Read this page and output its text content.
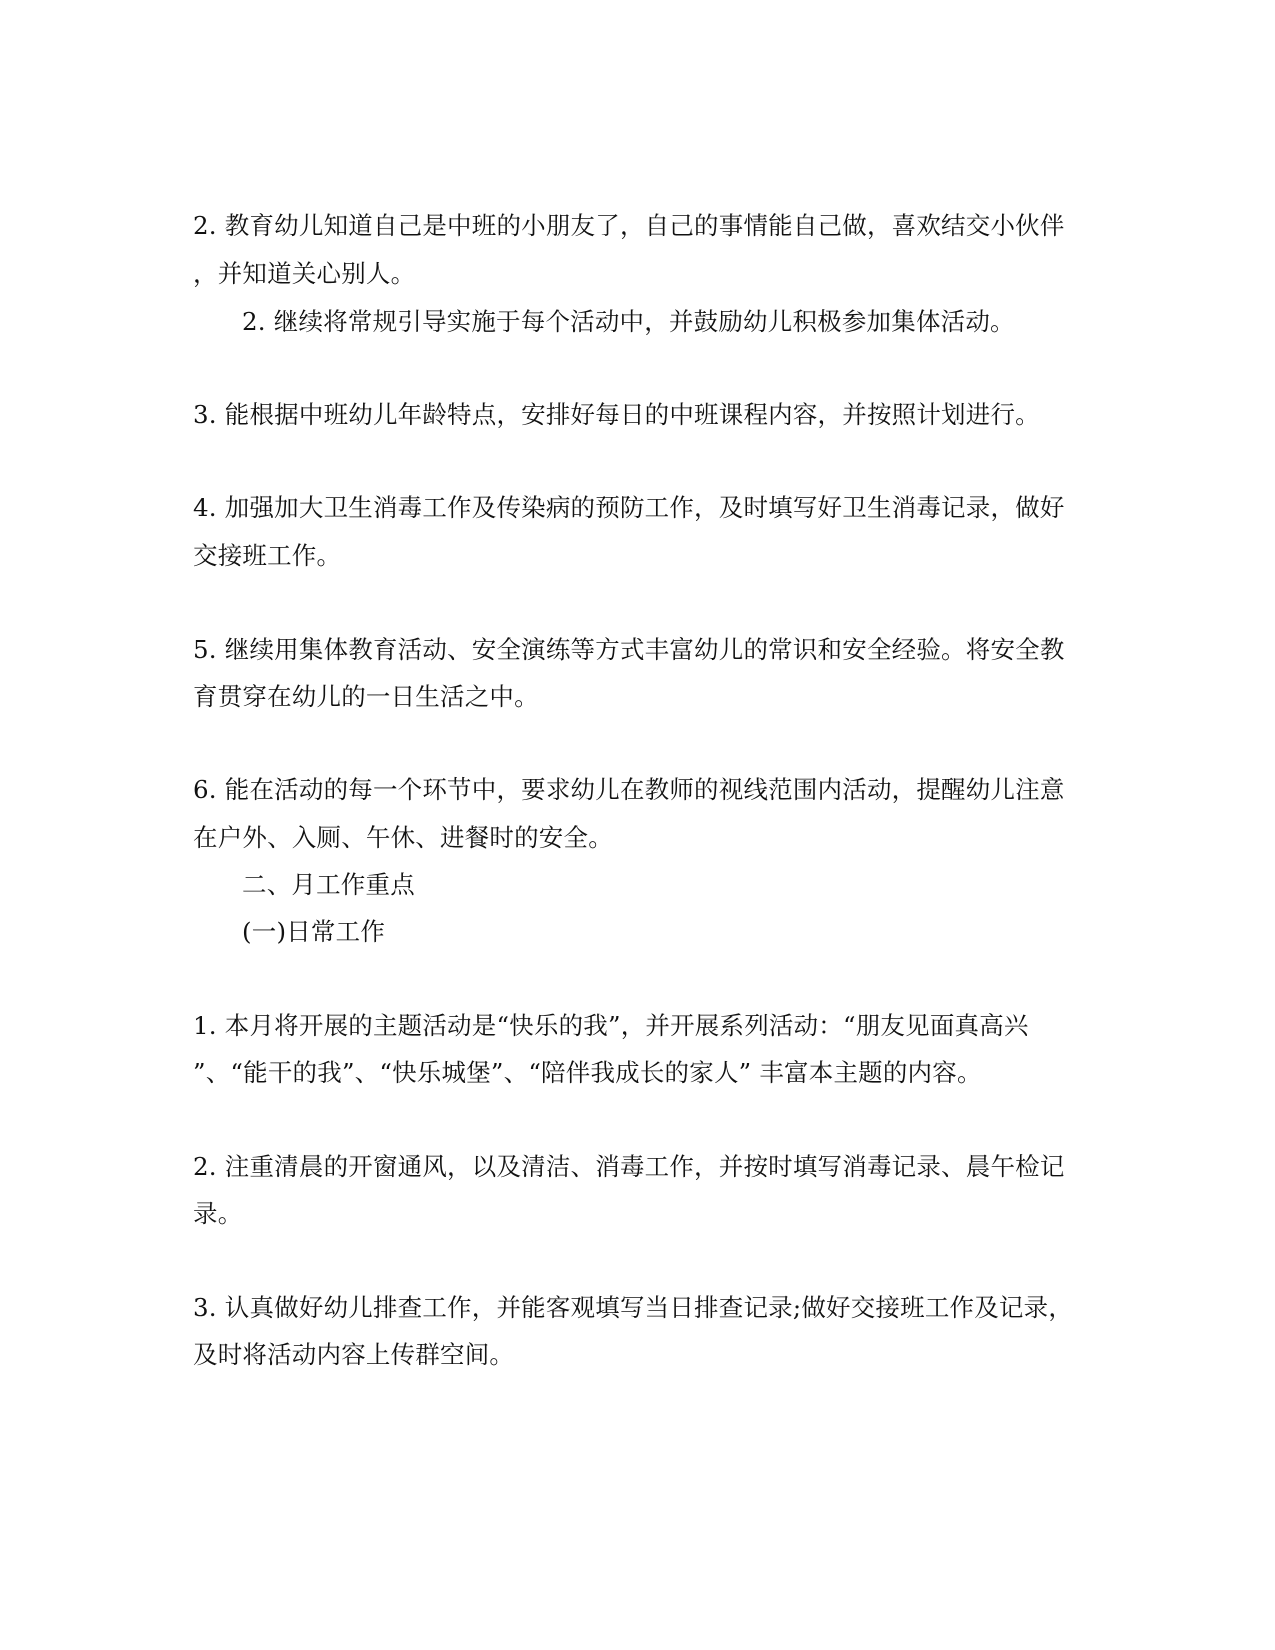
2. 教育幼儿知道自己是中班的小朋友了，自己的事情能自己做，喜欢结交小伙伴
，并知道关心别人。
2. 继续将常规引导实施于每个活动中，并鼓励幼儿积极参加集体活动。
3. 能根据中班幼儿年龄特点，安排好每日的中班课程内容，并按照计划进行。
4. 加强加大卫生消毒工作及传染病的预防工作，及时填写好卫生消毒记录，做好
交接班工作。
5. 继续用集体教育活动、安全演练等方式丰富幼儿的常识和安全经验。将安全教
育贯穿在幼儿的一日生活之中。
6. 能在活动的每一个环节中，要求幼儿在教师的视线范围内活动，提醒幼儿注意
在户外、入厕、午休、进餐时的安全。
二、月工作重点
(一)日常工作
1. 本月将开展的主题活动是“快乐的我”，并开展系列活动：“朋友见面真高兴
”、“能干的我”、“快乐城堡”、“陪伴我成长的家人” 丰富本主题的内容。
2. 注重清晨的开窗通风，以及清洁、消毒工作，并按时填写消毒记录、晨午检记
录。
3. 认真做好幼儿排查工作，并能客观填写当日排查记录;做好交接班工作及记录，
及时将活动内容上传群空间。
